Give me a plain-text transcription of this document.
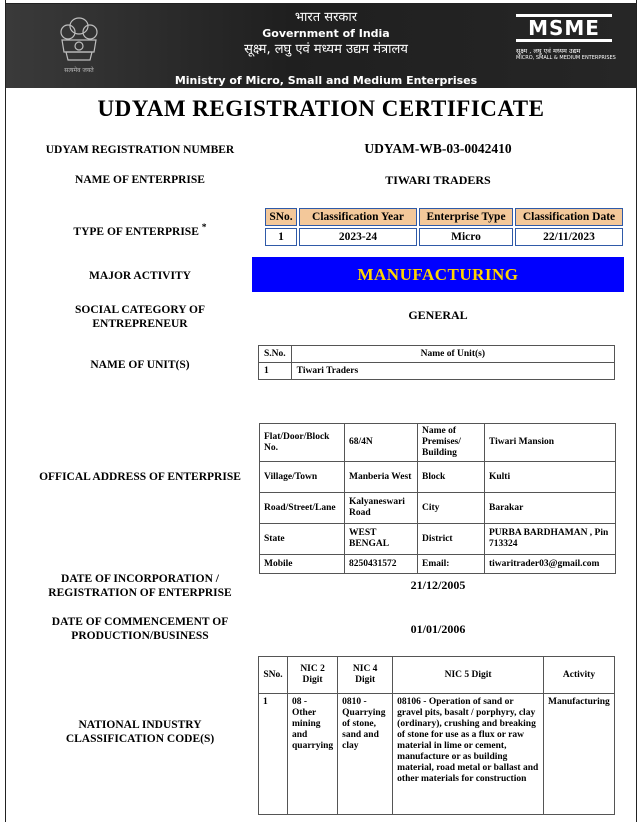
सत्यमेव जयते
भारत सरकार
Government of India
सूक्ष्म, लघु एवं मध्यम उद्यम मंत्रालय
Ministry of Micro, Small and Medium Enterprises
MSME
सूक्ष्म , लघु एवं मध्यम उद्यम
MICRO, SMALL & MEDIUM ENTERPRISES
UDYAM REGISTRATION CERTIFICATE
UDYAM REGISTRATION NUMBER	UDYAM-WB-03-0042410
NAME OF ENTERPRISE	TIWARI TRADERS
TYPE OF ENTERPRISE *
SNo.	Classification Year	Enterprise Type	Classification Date
1	2023-24	Micro	22/11/2023
MAJOR ACTIVITY	MANUFACTURING
SOCIAL CATEGORY OF
ENTREPRENEUR
GENERAL
NAME OF UNIT(S)
S.No.	Name of Unit(s)
1	Tiwari Traders
OFFICAL ADDRESS OF ENTERPRISE
Flat/Door/Block No.	68/4N	Name of Premises/ Building	Tiwari Mansion
Village/Town	Manberia West	Block	Kulti
Road/Street/Lane	Kalyaneswari Road	City	Barakar
State	WEST BENGAL	District	PURBA BARDHAMAN , Pin 713324
Mobile	8250431572	Email:	tiwaritrader03@gmail.com
DATE OF INCORPORATION /
REGISTRATION OF ENTERPRISE
21/12/2005
DATE OF COMMENCEMENT OF
PRODUCTION/BUSINESS	01/01/2006
NATIONAL INDUSTRY
CLASSIFICATION CODE(S)
SNo.	NIC 2 Digit	NIC 4 Digit	NIC 5 Digit	Activity
1	08 - Other mining and quarrying	0810 - Quarrying of stone, sand and clay	08106 - Operation of sand or gravel pits, basalt / porphyry, clay (ordinary), crushing and breaking of stone for use as a flux or raw material in lime or cement, manufacture or as building material, road metal or ballast and other materials for construction	Manufacturing
